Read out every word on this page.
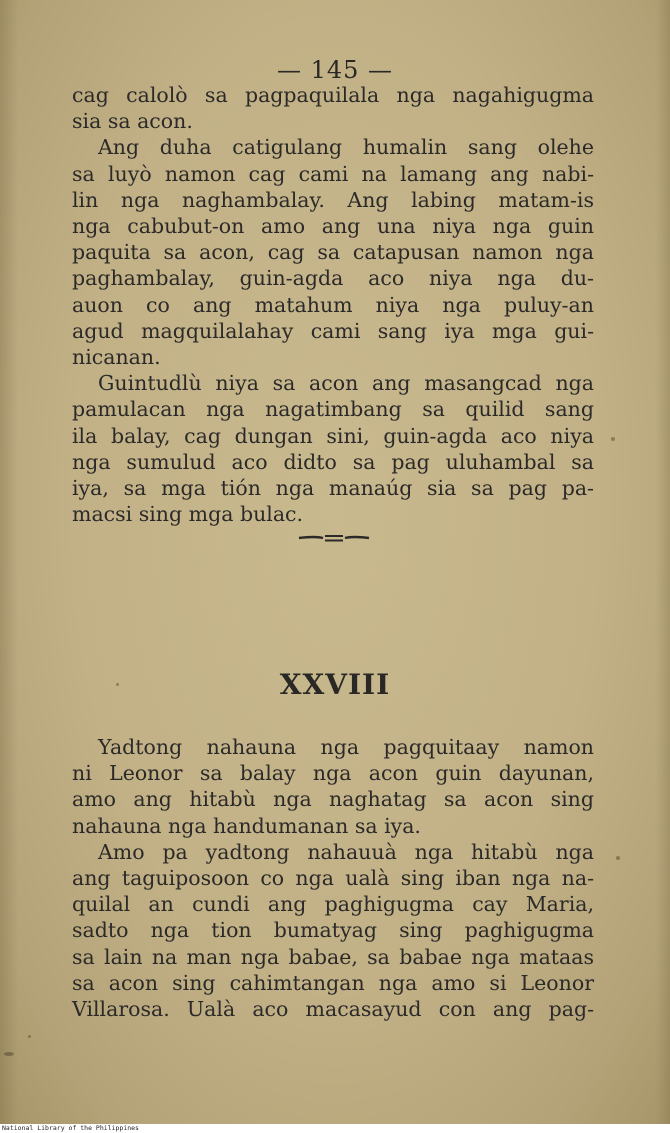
— 145 —
cag calolò sa pagpaquilala nga nagahigugma
sia sa acon.
Ang duha catigulang humalin sang olehe
sa luyò namon cag cami na lamang ang nabi-
lin nga naghambalay. Ang labing matam-is
nga cabubut-on amo ang una niya nga guin
paquita sa acon, cag sa catapusan namon nga
paghambalay, guin-agda aco niya nga du-
auon co ang matahum niya nga puluy-an
agud magquilalahay cami sang iya mga gui-
nicanan.
Guintudlù niya sa acon ang masangcad nga
pamulacan nga nagatimbang sa quilid sang
ila balay, cag dungan sini, guin-agda aco niya
nga sumulud aco didto sa pag uluhambal sa
iya, sa mga tión nga manaúg sia sa pag pa-
macsi sing mga bulac.
XXVIII
Yadtong nahauna nga pagquitaay namon
ni Leonor sa balay nga acon guin dayunan,
amo ang hitabù nga naghatag sa acon sing
nahauna nga handumanan sa iya.
Amo pa yadtong nahauuà nga hitabù nga
ang taguiposoon co nga ualà sing iban nga na-
quilal an cundi ang paghigugma cay Maria,
sadto nga tion bumatyag sing paghigugma
sa lain na man nga babae, sa babae nga mataas
sa acon sing cahimtangan nga amo si Leonor
Villarosa. Ualà aco macasayud con ang pag-
National Library of the Philippines
